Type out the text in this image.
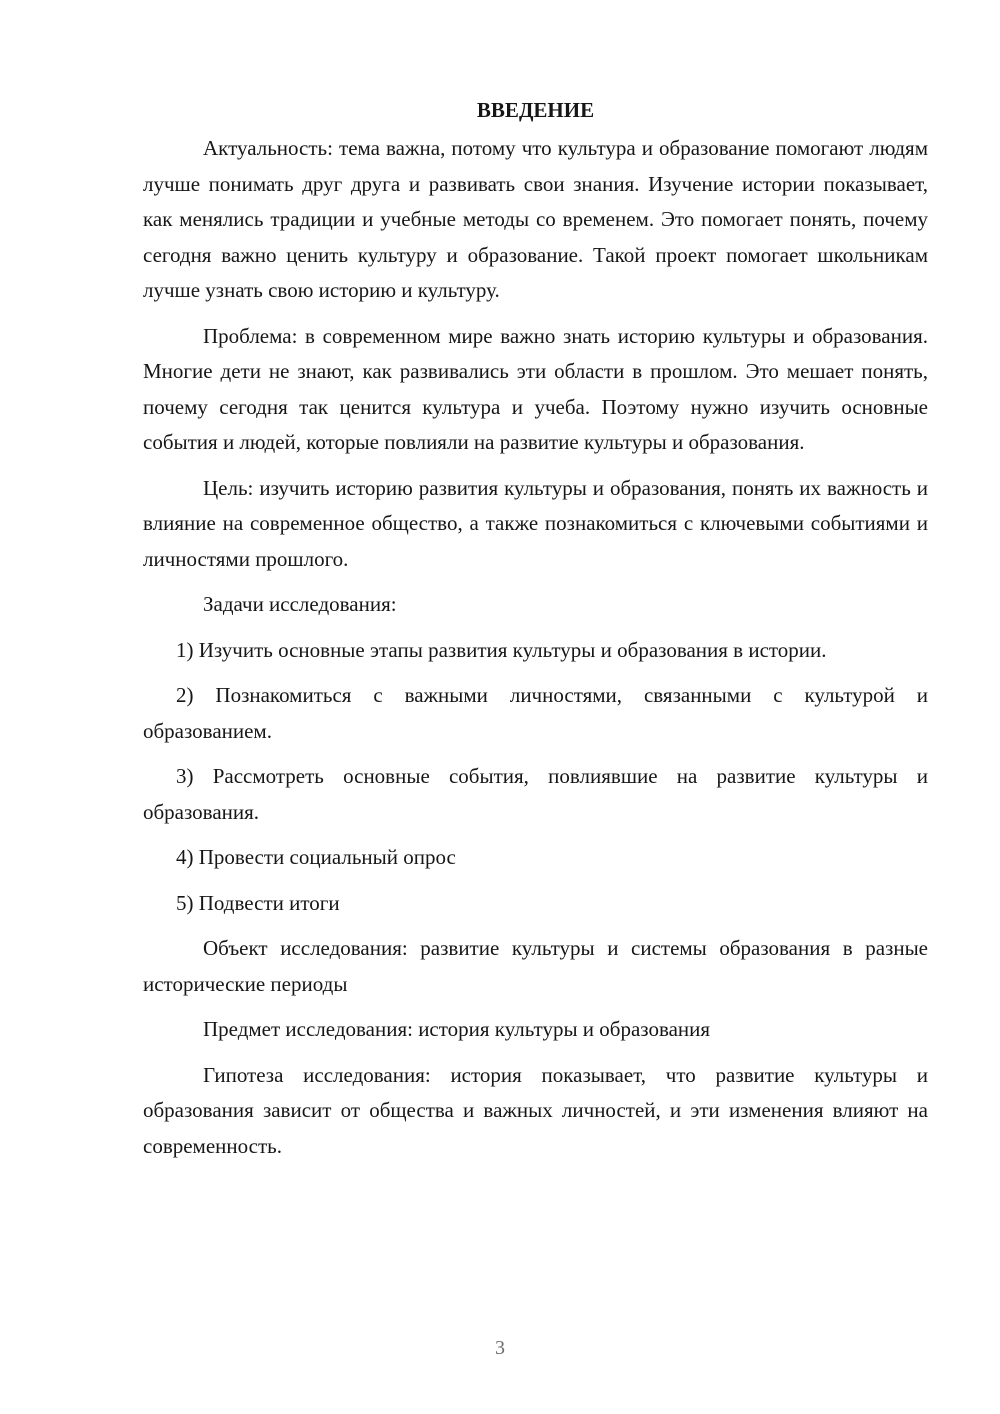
ВВЕДЕНИЕ

Актуальность: тема важна, потому что культура и образование помогают людям лучше понимать друг друга и развивать свои знания. Изучение истории показывает, как менялись традиции и учебные методы со временем. Это помогает понять, почему сегодня важно ценить культуру и образование. Такой проект помогает школьникам лучше узнать свою историю и культуру.

Проблема: в современном мире важно знать историю культуры и образования. Многие дети не знают, как развивались эти области в прошлом. Это мешает понять, почему сегодня так ценится культура и учеба. Поэтому нужно изучить основные события и людей, которые повлияли на развитие культуры и образования.

Цель: изучить историю развития культуры и образования, понять их важность и влияние на современное общество, а также познакомиться с ключевыми событиями и личностями прошлого.

Задачи исследования:

1) Изучить основные этапы развития культуры и образования в истории.

2) Познакомиться с важными личностями, связанными с культурой и образованием.

3) Рассмотреть основные события, повлиявшие на развитие культуры и образования.

4) Провести социальный опрос

5) Подвести итоги

Объект исследования: развитие культуры и системы образования в разные исторические периоды

Предмет исследования: история культуры и образования

Гипотеза исследования: история показывает, что развитие культуры и образования зависит от общества и важных личностей, и эти изменения влияют на современность.

3
